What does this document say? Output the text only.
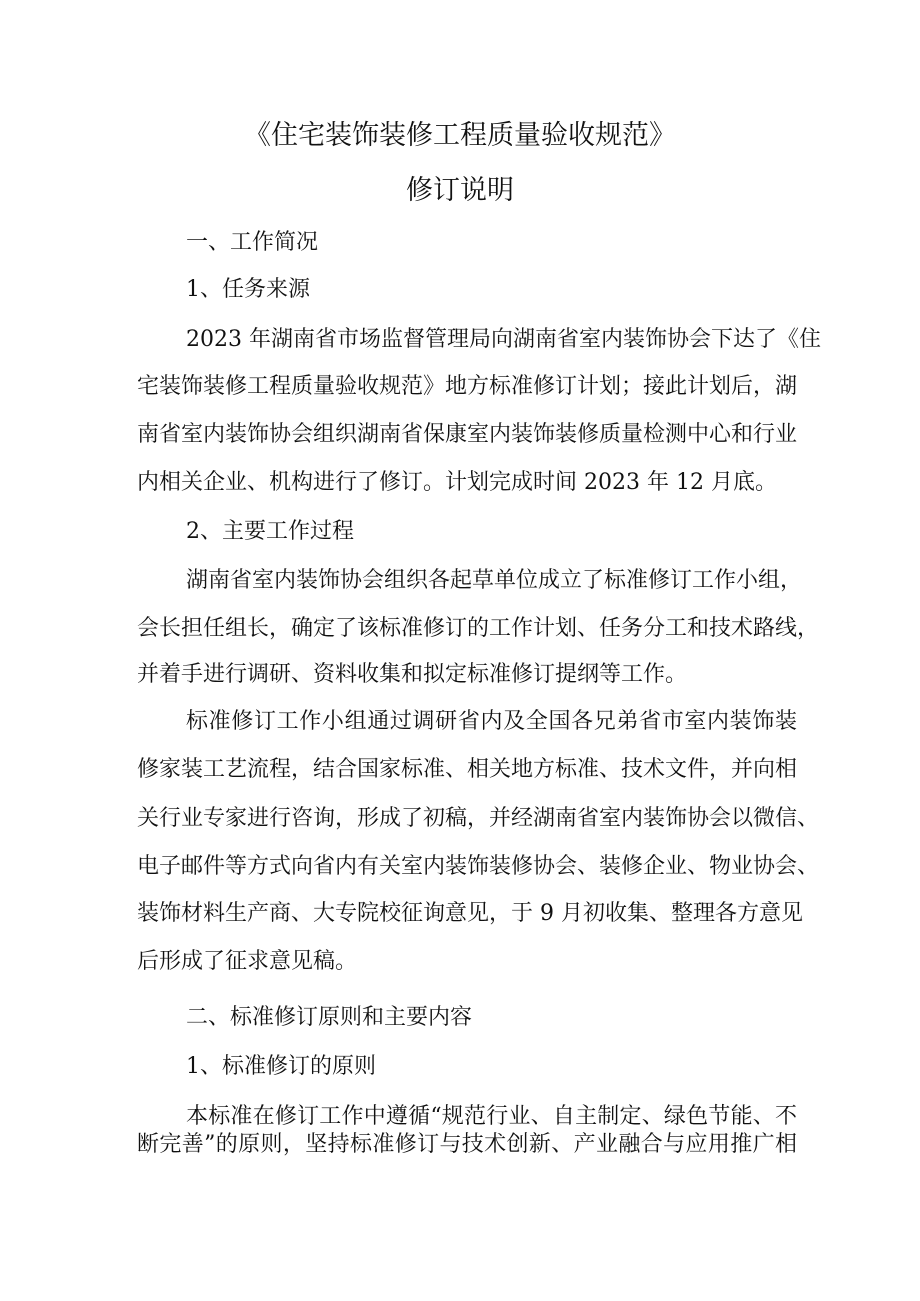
《住宅装饰装修工程质量验收规范》
修订说明

一、工作简况

1、任务来源

2023 年湖南省市场监督管理局向湖南省室内装饰协会下达了《住

宅装饰装修工程质量验收规范》地方标准修订计划；接此计划后，湖

南省室内装饰协会组织湖南省保康室内装饰装修质量检测中心和行业

内相关企业、机构进行了修订。计划完成时间 2023 年 12 月底。

2、主要工作过程

湖南省室内装饰协会组织各起草单位成立了标准修订工作小组，

会长担任组长，确定了该标准修订的工作计划、任务分工和技术路线，

并着手进行调研、资料收集和拟定标准修订提纲等工作。

标准修订工作小组通过调研省内及全国各兄弟省市室内装饰装

修家装工艺流程，结合国家标准、相关地方标准、技术文件，并向相

关行业专家进行咨询，形成了初稿，并经湖南省室内装饰协会以微信、

电子邮件等方式向省内有关室内装饰装修协会、装修企业、物业协会、

装饰材料生产商、大专院校征询意见，于 9 月初收集、整理各方意见

后形成了征求意见稿。

二、标准修订原则和主要内容

1、标准修订的原则

本标准在修订工作中遵循“规范行业、自主制定、绿色节能、不

断完善”的原则，坚持标准修订与技术创新、产业融合与应用推广相
